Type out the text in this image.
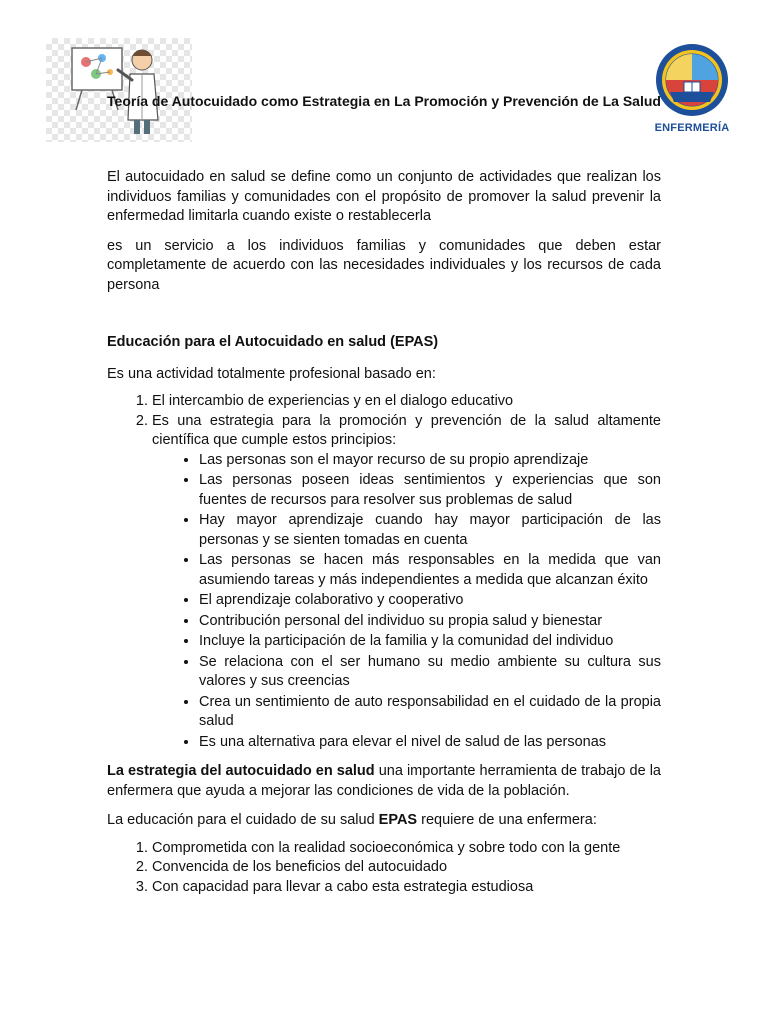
ENFERMERÍA
Teoría de Autocuidado como Estrategia en La Promoción y Prevención de La Salud

El autocuidado en salud se define como un conjunto de actividades que realizan los individuos familias y comunidades con el propósito de promover la salud prevenir la enfermedad limitarla cuando existe o restablecerla

es un servicio a los individuos familias y comunidades que deben estar completamente de acuerdo con las necesidades individuales y los recursos de cada persona

Educación para el Autocuidado en salud (EPAS)

Es una actividad totalmente profesional basado en:

1. El intercambio de experiencias y en el dialogo educativo
2. Es una estrategia para la promoción y prevención de la salud altamente científica que cumple estos principios:
• Las personas son el mayor recurso de su propio aprendizaje
• Las personas poseen ideas sentimientos y experiencias que son fuentes de recursos para resolver sus problemas de salud
• Hay mayor aprendizaje cuando hay mayor participación de las personas y se sienten tomadas en cuenta
• Las personas se hacen más responsables en la medida que van asumiendo tareas y más independientes a medida que alcanzan éxito
• El aprendizaje colaborativo y cooperativo
• Contribución personal del individuo su propia salud y bienestar
• Incluye la participación de la familia y la comunidad del individuo
• Se relaciona con el ser humano su medio ambiente su cultura sus valores y sus creencias
• Crea un sentimiento de auto responsabilidad en el cuidado de la propia salud
• Es una alternativa para elevar el nivel de salud de las personas

La estrategia del autocuidado en salud una importante herramienta de trabajo de la enfermera que ayuda a mejorar las condiciones de vida de la población.

La educación para el cuidado de su salud EPAS requiere de una enfermera:

1. Comprometida con la realidad socioeconómica y sobre todo con la gente
2. Convencida de los beneficios del autocuidado
3. Con capacidad para llevar a cabo esta estrategia estudiosa
